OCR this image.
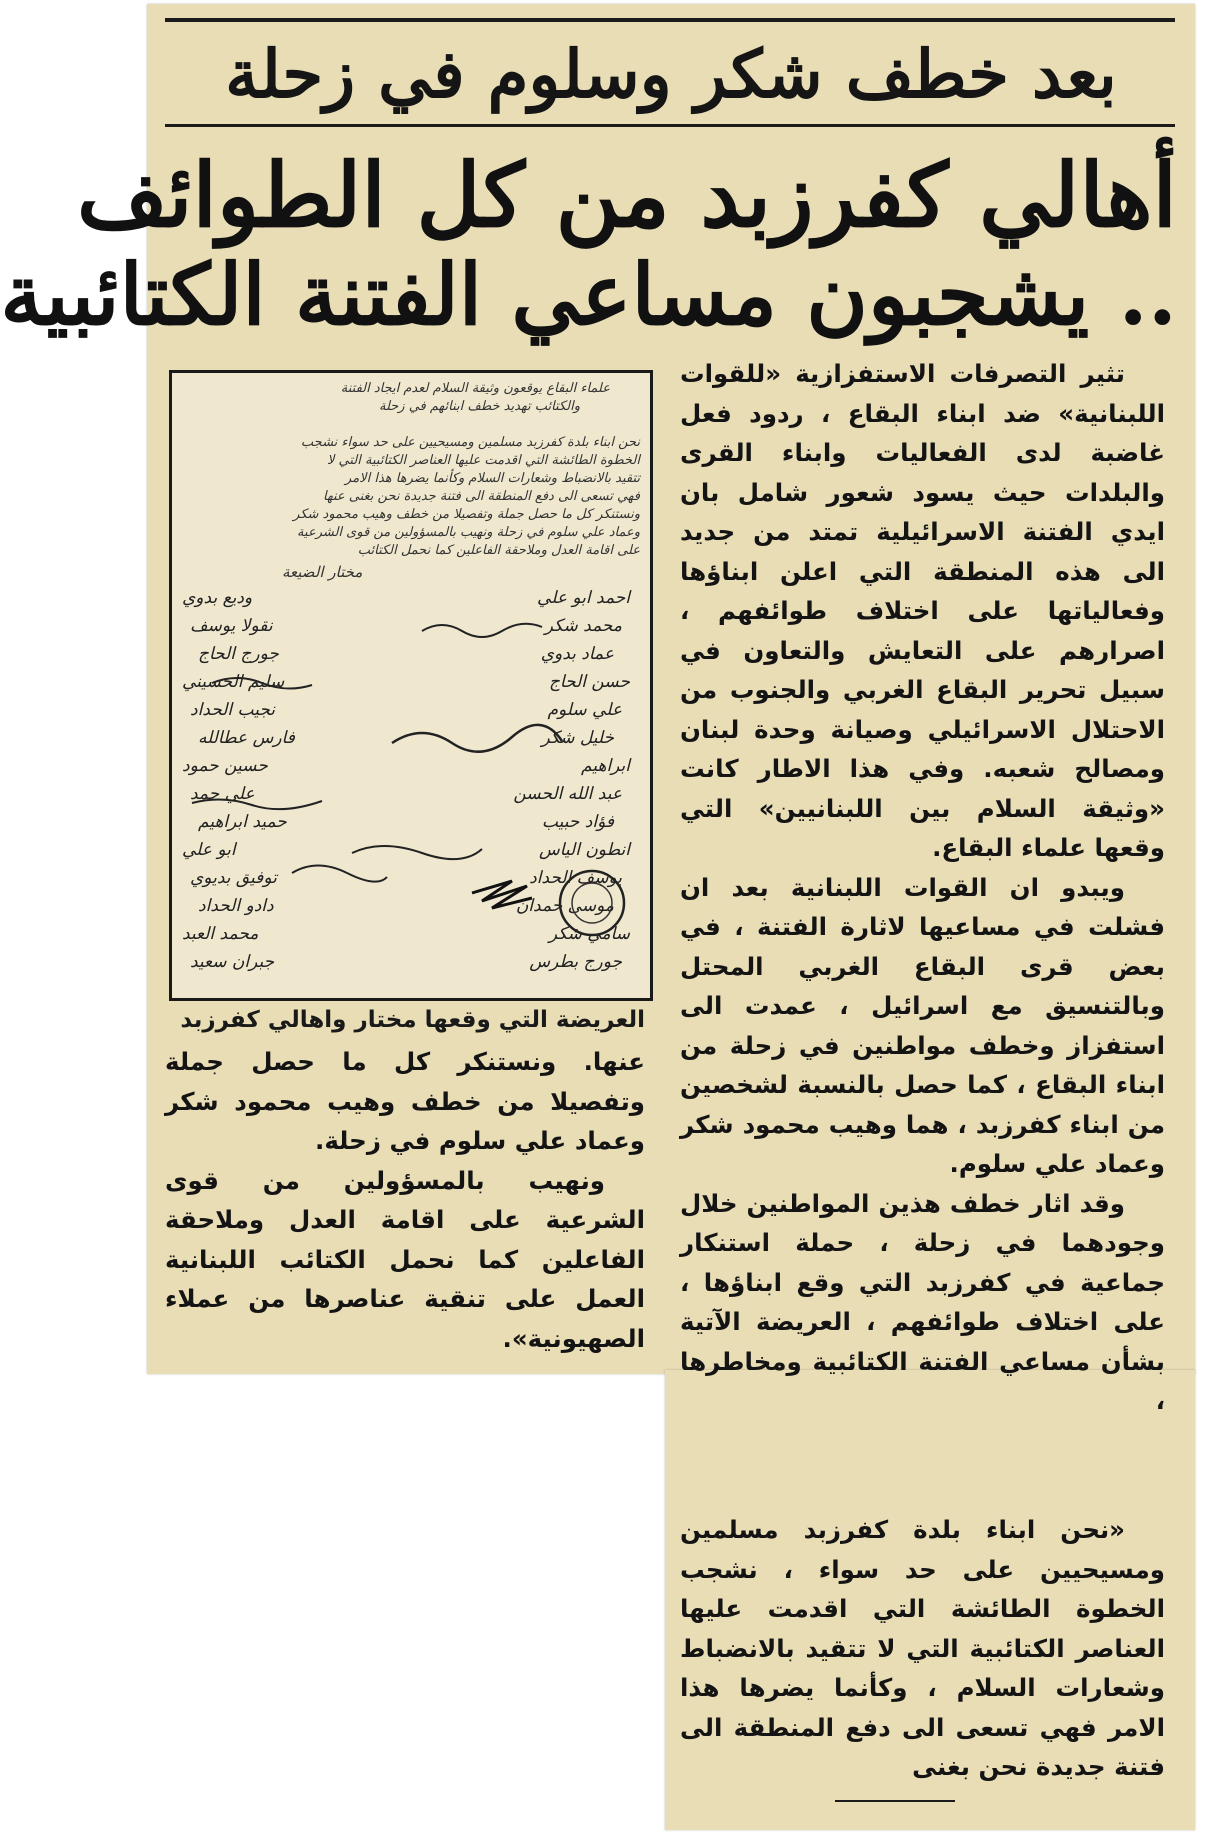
بعد خطف شكر وسلوم في زحلة
أهالي كفرزبد من كل الطوائف
.. يشجبون مساعي الفتنة الكتائبية

تثير التصرفات الاستفزازية «للقوات اللبنانية» ضد ابناء البقاع ، ردود فعل غاضبة لدى الفعاليات وابناء القرى والبلدات حيث يسود شعور شامل بان ايدي الفتنة الاسرائيلية تمتد من جديد الى هذه المنطقة التي اعلن ابناؤها وفعالياتها على اختلاف طوائفهم ، اصرارهم على التعايش والتعاون في سبيل تحرير البقاع الغربي والجنوب من الاحتلال الاسرائيلي وصيانة وحدة لبنان ومصالح شعبه. وفي هذا الاطار كانت «وثيقة السلام بين اللبنانيين» التي وقعها علماء البقاع.

ويبدو ان القوات اللبنانية بعد ان فشلت في مساعيها لاثارة الفتنة ، في بعض قرى البقاع الغربي المحتل وبالتنسيق مع اسرائيل ، عمدت الى استفزاز وخطف مواطنين في زحلة من ابناء البقاع ، كما حصل بالنسبة لشخصين من ابناء كفرزبد ، هما وهيب محمود شكر وعماد علي سلوم.

وقد اثار خطف هذين المواطنين خلال وجودهما في زحلة ، حملة استنكار جماعية في كفرزبد التي وقع ابناؤها ، على اختلاف طوائفهم ، العريضة الآتية بشأن مساعي الفتنة الكتائبية ومخاطرها ،

«نحن ابناء بلدة كفرزبد مسلمين ومسيحيين على حد سواء ، نشجب الخطوة الطائشة التي اقدمت عليها العناصر الكتائبية التي لا تتقيد بالانضباط وشعارات السلام ، وكأنما يضرها هذا الامر فهي تسعى الى دفع المنطقة الى فتنة جديدة نحن بغنى

علماء البقاع يوقعون وثيقة السلام لعدم ايجاد الفتنة
والكتائب تهديد خطف ابنائهم في زحلة
نحن ابناء بلدة كفرزبد مسلمين ومسيحيين على حد سواء نشجب
الخطوة الطائشة التي اقدمت عليها العناصر الكتائبية التي لا
تتقيد بالانضباط وشعارات السلام وكأنما يضرها هذا الامر
فهي تسعى الى دفع المنطقة الى فتنة جديدة نحن بغنى عنها
ونستنكر كل ما حصل جملة وتفصيلا من خطف وهيب محمود شكر
وعماد علي سلوم في زحلة ونهيب بالمسؤولين من قوى الشرعية
على اقامة العدل وملاحقة الفاعلين كما نحمل الكتائب
مختار الضيعة
احمد ابو علي
محمد شكر
عماد بدوي
حسن الحاج
علي سلوم
خليل شكر
ابراهيم
عبد الله الحسن
فؤاد حبيب
انطون الياس
يوسف الحداد
موسى حمدان
سامي شكر
جورج بطرس
وديع بدوي
نقولا يوسف
جورج الحاج
سليم الحسيني
نجيب الحداد
فارس عطالله
حسين حمود
علي حمد
حميد ابراهيم
ابو علي
توفيق بديوي
دادو الحداد
محمد العبد
جبران سعيد
العريضة التي وقعها مختار واهالي كفرزبد

عنها. ونستنكر كل ما حصل جملة وتفصيلا من خطف وهيب محمود شكر وعماد علي سلوم في زحلة.

ونهيب بالمسؤولين من قوى الشرعية على اقامة العدل وملاحقة الفاعلين كما نحمل الكتائب اللبنانية العمل على تنقية عناصرها من عملاء الصهيونية».
